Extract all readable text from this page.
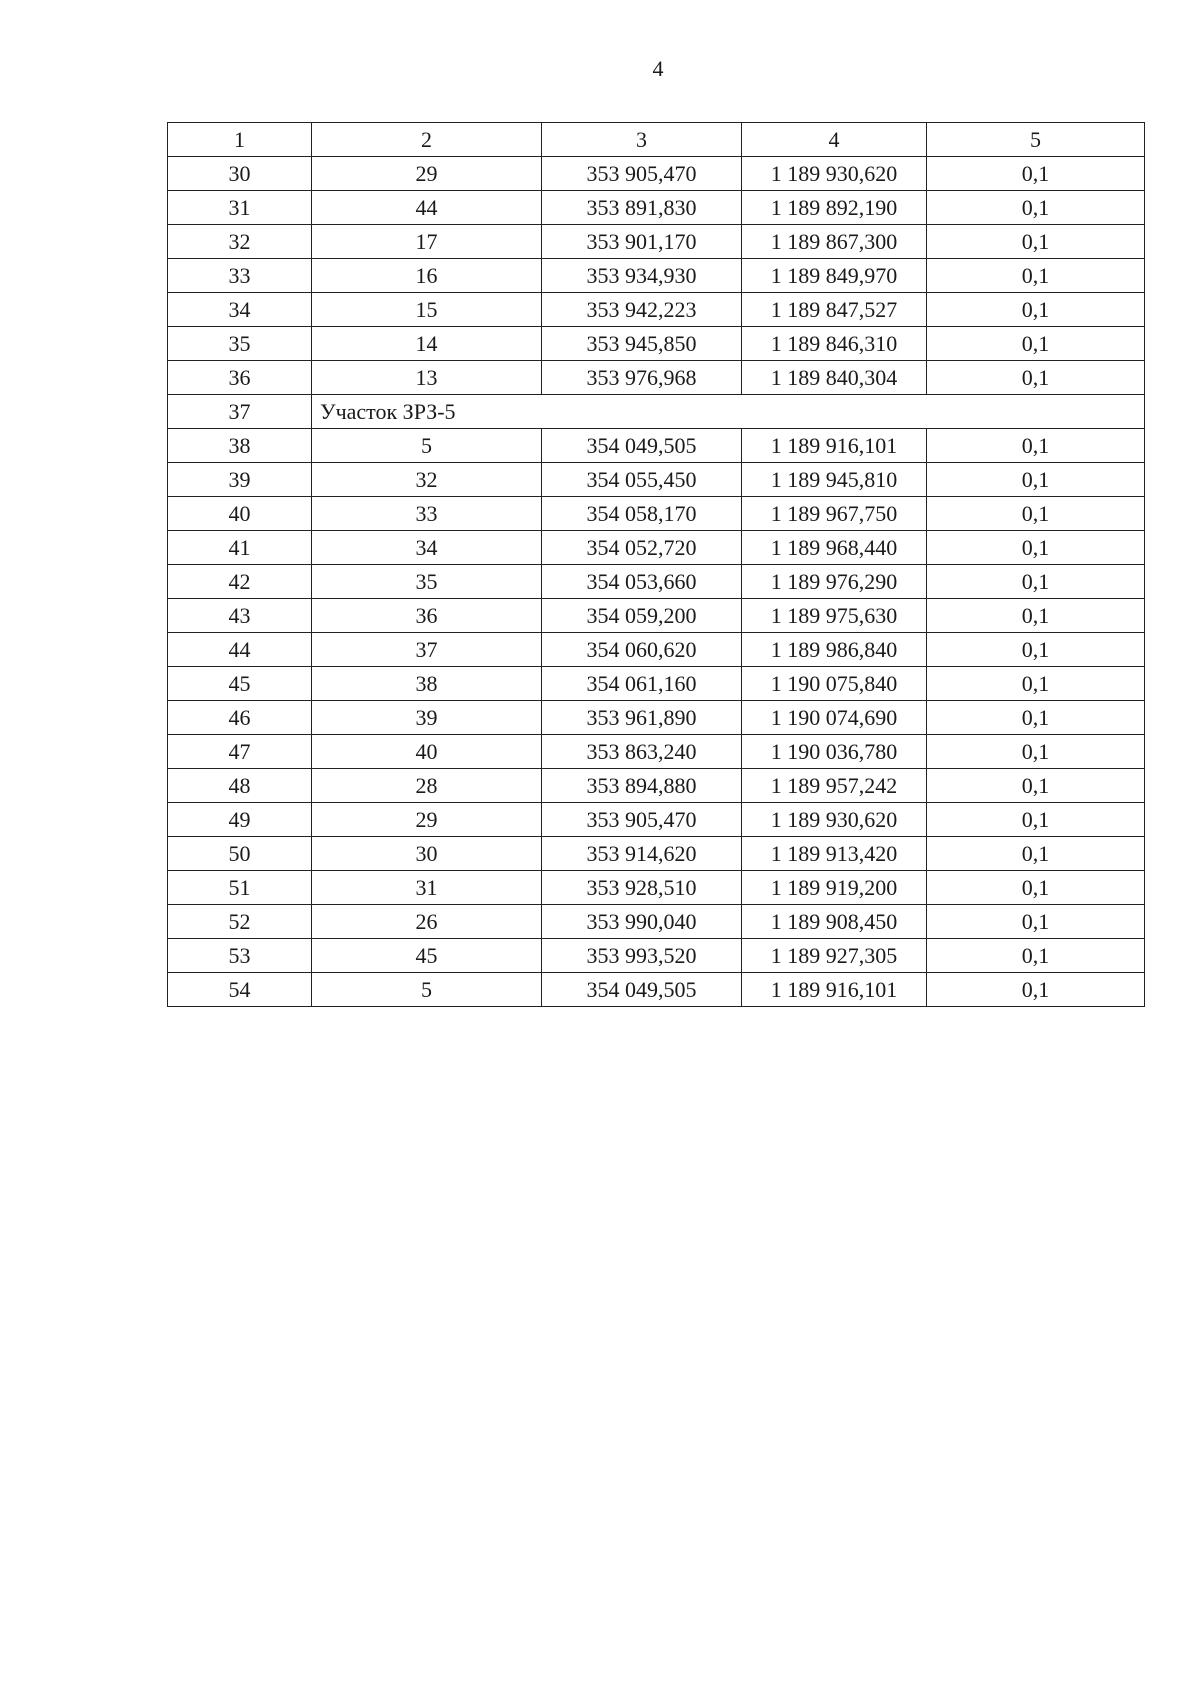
4
1	2	3	4	5
30	29	353 905,470	1 189 930,620	0,1
31	44	353 891,830	1 189 892,190	0,1
32	17	353 901,170	1 189 867,300	0,1
33	16	353 934,930	1 189 849,970	0,1
34	15	353 942,223	1 189 847,527	0,1
35	14	353 945,850	1 189 846,310	0,1
36	13	353 976,968	1 189 840,304	0,1
37	Участок ЗРЗ-5			
38	5	354 049,505	1 189 916,101	0,1
39	32	354 055,450	1 189 945,810	0,1
40	33	354 058,170	1 189 967,750	0,1
41	34	354 052,720	1 189 968,440	0,1
42	35	354 053,660	1 189 976,290	0,1
43	36	354 059,200	1 189 975,630	0,1
44	37	354 060,620	1 189 986,840	0,1
45	38	354 061,160	1 190 075,840	0,1
46	39	353 961,890	1 190 074,690	0,1
47	40	353 863,240	1 190 036,780	0,1
48	28	353 894,880	1 189 957,242	0,1
49	29	353 905,470	1 189 930,620	0,1
50	30	353 914,620	1 189 913,420	0,1
51	31	353 928,510	1 189 919,200	0,1
52	26	353 990,040	1 189 908,450	0,1
53	45	353 993,520	1 189 927,305	0,1
54	5	354 049,505	1 189 916,101	0,1
